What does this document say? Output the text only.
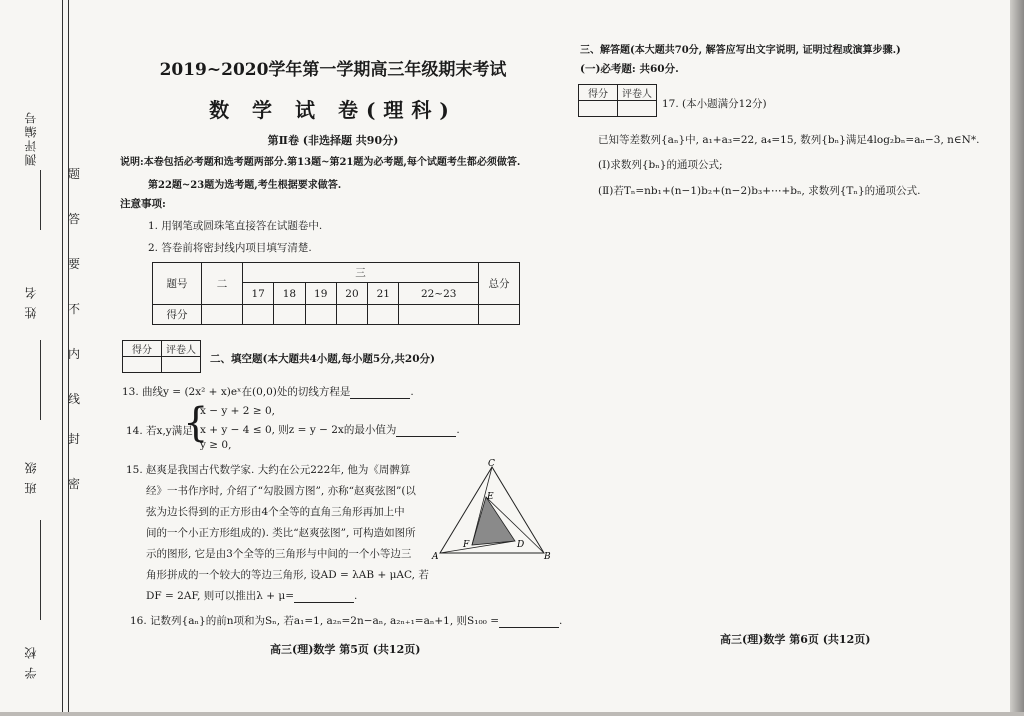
测评编号
姓 名
班 级
学 校
题
答
要
不
内
线
封
密
2019~2020学年第一学期高三年级期末考试
数 学 试 卷(理科)
第Ⅱ卷 (非选择题 共90分)
说明:本卷包括必考题和选考题两部分.第13题~第21题为必考题,每个试题考生都必须做答.
第22题~23题为选考题,考生根据要求做答.
注意事项:
1. 用钢笔或圆珠笔直接答在试题卷中.
2. 答卷前将密封线内项目填写清楚.
题号	二	三						总分
		17	18	19	20	21	22~23	
得分								
得分	评卷人

二、填空题(本大题共4小题,每小题5分,共20分)
13. 曲线y = (2x² + x)eˣ在(0,0)处的切线方程是	.
14. 若x,y满足
{
x − y + 2 ≥ 0,
x + y − 4 ≤ 0, 则z = y − 2x的最小值为	.
y ≥ 0,
15. 赵爽是我国古代数学家. 大约在公元222年, 他为《周髀算
经》一书作序时, 介绍了“勾股圆方图”, 亦称“赵爽弦图”(以
弦为边长得到的正方形由4个全等的直角三角形再加上中
间的一个小正方形组成的). 类比“赵爽弦图”, 可构造如图所
示的图形, 它是由3个全等的三角形与中间的一个小等边三
角形拼成的一个较大的等边三角形, 设AD = λAB + μAC, 若
DF = 2AF, 则可以推出λ + μ=	.
C
E
F	D
A	B
16. 记数列{aₙ}的前n项和为Sₙ, 若a₁=1, a₂ₙ=2n−aₙ, a₂ₙ₊₁=aₙ+1, 则S₁₀₀ =	.
三、解答题(本大题共70分, 解答应写出文字说明, 证明过程或演算步骤.)
(一)必考题: 共60分.
得分	评卷人

17. (本小题满分12分)
已知等差数列{aₙ}中, a₁+a₃=22, a₄=15, 数列{bₙ}满足4log₂bₙ=aₙ−3, n∈N*.
(Ⅰ)求数列{bₙ}的通项公式;
(Ⅱ)若Tₙ=nb₁+(n−1)b₂+(n−2)b₃+⋯+bₙ, 求数列{Tₙ}的通项公式.
高三(理)数学 第5页 (共12页)
高三(理)数学 第6页 (共12页)
